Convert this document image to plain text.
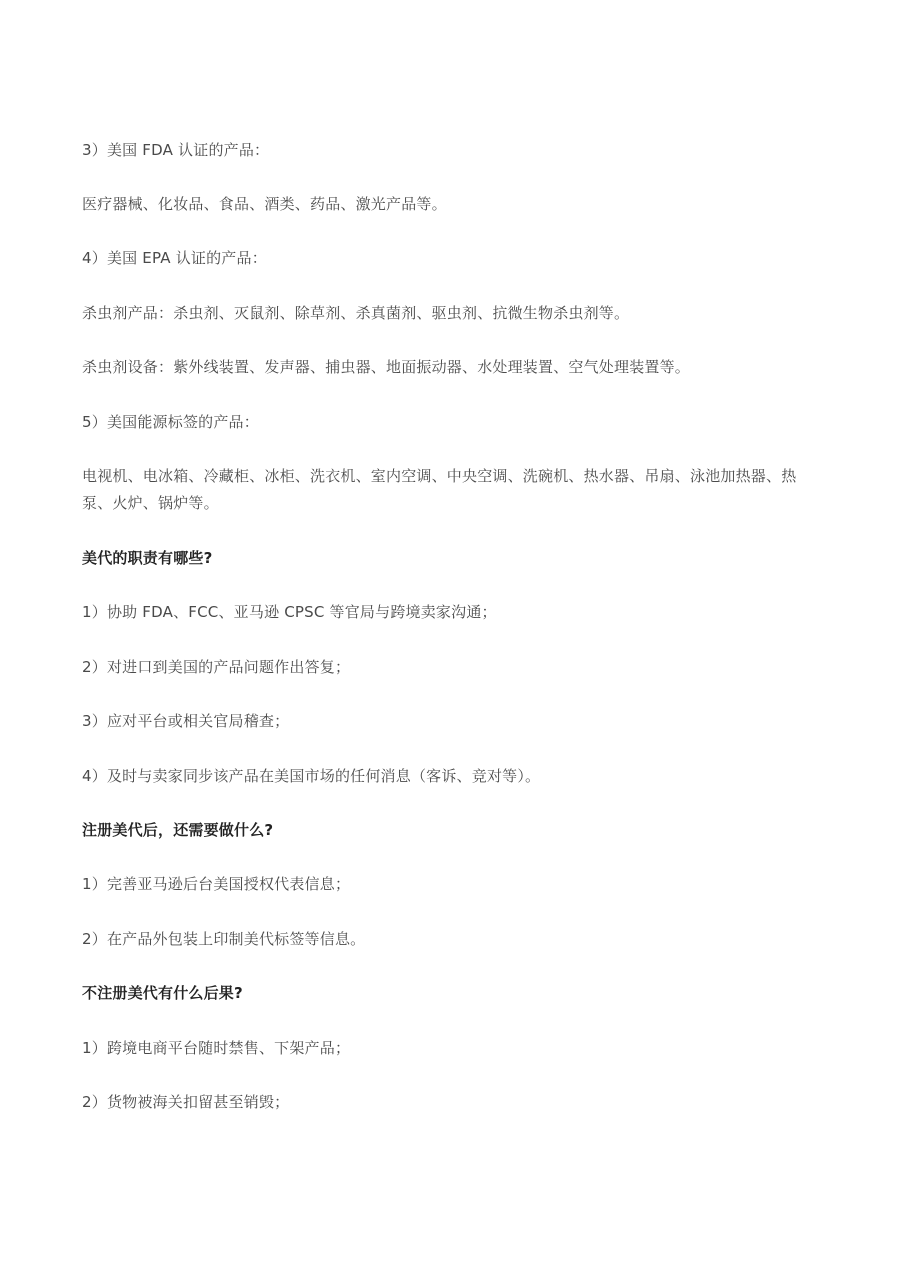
3）美国 FDA 认证的产品：

医疗器械、化妆品、食品、酒类、药品、激光产品等。

4）美国 EPA 认证的产品：

杀虫剂产品：杀虫剂、灭鼠剂、除草剂、杀真菌剂、驱虫剂、抗微生物杀虫剂等。

杀虫剂设备：紫外线装置、发声器、捕虫器、地面振动器、水处理装置、空气处理装置等。

5）美国能源标签的产品：

电视机、电冰箱、冷藏柜、冰柜、洗衣机、室内空调、中央空调、洗碗机、热水器、吊扇、泳池加热器、热泵、火炉、锅炉等。

美代的职责有哪些?

1）协助 FDA、FCC、亚马逊 CPSC 等官局与跨境卖家沟通；

2）对进口到美国的产品问题作出答复；

3）应对平台或相关官局稽查；

4）及时与卖家同步该产品在美国市场的任何消息（客诉、竞对等）。

注册美代后，还需要做什么?

1）完善亚马逊后台美国授权代表信息；

2）在产品外包装上印制美代标签等信息。

不注册美代有什么后果?

1）跨境电商平台随时禁售、下架产品；

2）货物被海关扣留甚至销毁；
